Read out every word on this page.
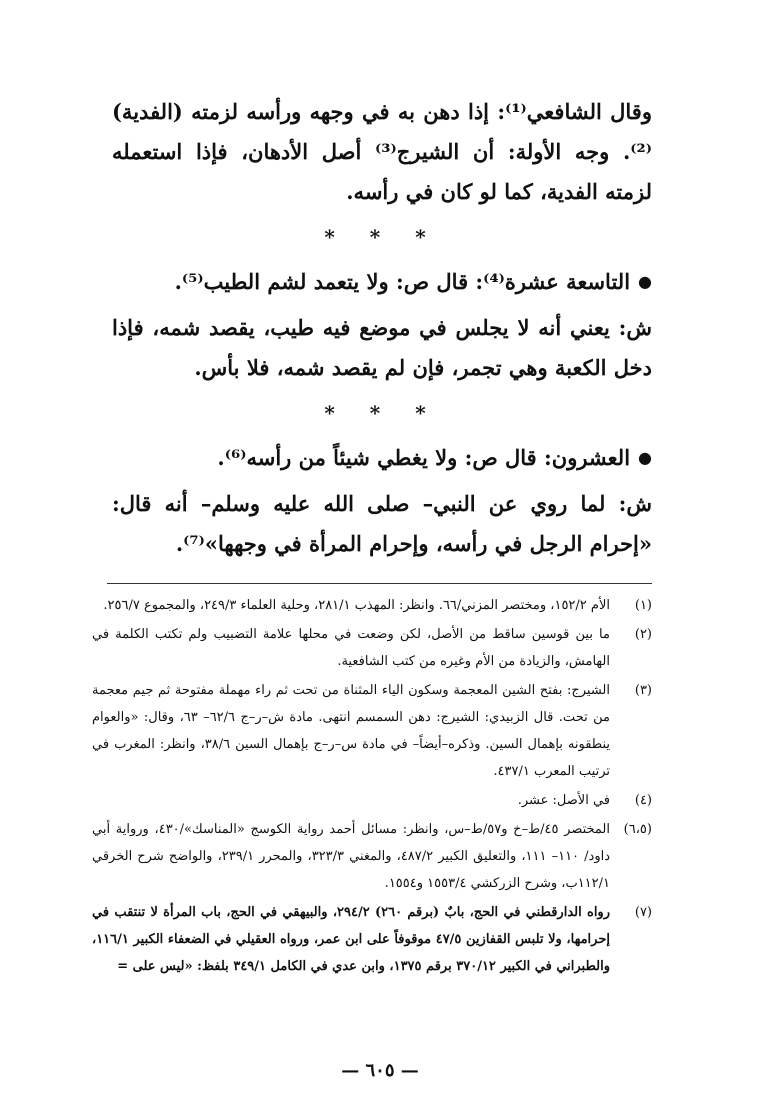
وقال الشافعي⁽¹⁾: إذا دهن به في وجهه ورأسه لزمته (الفدية)⁽²⁾. وجه الأولة: أن الشيرج⁽³⁾ أصل الأدهان، فإذا استعمله لزمته الفدية، كما لو كان في رأسه.

* * *

●التاسعة عشرة⁽⁴⁾: قال ص: ولا يتعمد لشم الطيب⁽⁵⁾.

ش: يعني أنه لا يجلس في موضع فيه طيب، يقصد شمه، فإذا دخل الكعبة وهي تجمر، فإن لم يقصد شمه، فلا بأس.

* * *

●العشرون: قال ص: ولا يغطي شيئاً من رأسه⁽⁶⁾.

ش: لما روي عن النبي– صلى الله عليه وسلم– أنه قال: «إحرام الرجل في رأسه، وإحرام المرأة في وجهها»⁽⁷⁾.

(١)
الأم ١٥٢/٢، ومختصر المزني/٦٦. وانظر: المهذب ٢٨١/١، وحلية العلماء ٢٤٩/٣، والمجموع ٢٥٦/٧.
(٢)
ما بين قوسين ساقط من الأصل، لكن وضعت في محلها علامة التضبيب ولم تكتب الكلمة في الهامش، والزيادة من الأم وغيره من كتب الشافعية.
(٣)
الشيرج: بفتح الشين المعجمة وسكون الياء المثناة من تحت ثم راء مهملة مفتوحة ثم جيم معجمة من تحت. قال الزبيدي: الشيرج: دهن السمسم انتهى. مادة ش–ر–ج ٦٢/٦– ٦٣، وقال: «والعوام ينطقونه بإهمال السين. وذكره–أيضاً– في مادة س–ر–ج بإهمال السين ٣٨/٦، وانظر: المغرب في ترتيب المعرب ٤٣٧/١.
(٤)
في الأصل: عشر.
(٦،٥)
المختصر ٤٥/ط–خ و٥٧/ط–س، وانظر: مسائل أحمد رواية الكوسج «المناسك»/٤٣٠، ورواية أبي داود/ ١١٠– ١١١، والتعليق الكبير ٤٨٧/٢، والمغني ٣٢٣/٣، والمحرر ٢٣٩/١، والواضح شرح الخرقي ١١٢/١ب، وشرح الزركشي ١٥٥٣/٤ و١٥٥٤.
(٧)
رواه الدارقطني في الحج، بابٌ (برقم ٢٦٠) ٢٩٤/٢، والبيهقي في الحج، باب المرأة لا تنتقب في إحرامها، ولا تلبس القفازين ٤٧/٥ موقوفاً على ابن عمر، ورواه العقيلي في الضعفاء الكبير ١١٦/١، والطبراني في الكبير ٣٧٠/١٢ برقم ١٣٧٥، وابن عدي في الكامل ٣٤٩/١ بلفظ: «ليس على =
— ٦٠٥ —
